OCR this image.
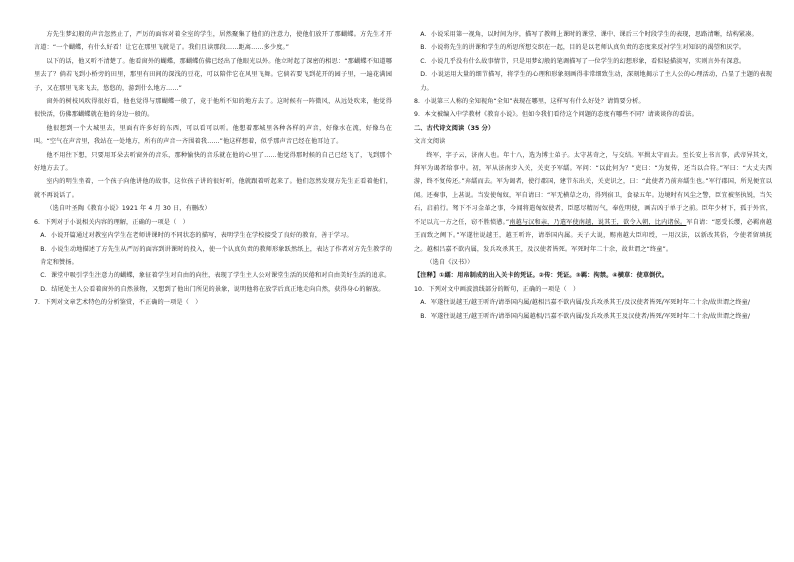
方先生梦幻般的声音忽然止了，严厉的面容对着全室的学生，居然聚集了他们的注意力，使他们放开了那蝴蝶。方先生才开言道：“一个蝴蝶，有什么好看！让它在那里飞就是了。我们且读那段……距离……多少度。”

以下的话，他又听不清楚了。他看窗外的蝴蝶，那蝴蝶仿佛已经出了他眼光以外。他立时起了深密的相思：“那蝴蝶不知道哪里去了？倘若飞到小桥旁的田里，那里有田间的深浅的豆花，可以陪伴它在风里飞舞。它倘若要飞到花开的园子里，一遍花满园子，又在那里飞来飞去，悠悠的，游到什么地方……”

窗外的树枝风吹得很好看，他也觉得与那蝴蝶一般了，竟于他所不知的地方去了。这时候有一阵微风，从远处吹来，他觉得很快活，仿佛那蝴蝶就在他的身边一般的。

他很想到一个大城里去，里面有许多好的东西，可以看可以听。他想着那城里各种各样的声音，好像水在流，好像鸟在叫。“空气在声音里，我站在一处地方，所有的声音一齐围着我……”他这样想着，似乎那声音已经在他耳边了。

他不用往下想，只要用耳朵去听窗外的音乐，那种愉快的音乐就在他的心里了……他觉得那时候的自己已经飞了，飞到那个好地方去了。

室内的明生坐着，一个孩子向他讲他的故事，这位孩子讲的很好听，他就跟着听起来了。他们忽然发现方先生正看着他们，就不再说话了。

（选自叶圣陶《教育小说》1921 年 4 月 30 日，有删改）

6．下列对于小说相关内容的理解，正确的一项是（　）

A．小说开篇通过对教室内学生在老师讲课时的不同状态的描写，表明学生在学校接受了良好的教育，善于学习。

B．小说生动地描述了方先生从严厉的面容到讲课时的投入，使一个认真负责的教师形象跃然纸上，表达了作者对方先生教学的肯定和赞扬。

C．课堂中吸引学生注意力的蝴蝶，象征着学生对自由的向往，表现了学生主人公对课堂生活的厌倦和对自由美好生活的追求。

D．结尾处主人公看着窗外的自然景物，又想到了他出门所见的景象，说明他将在放学后真正地走向自然，获得身心的解放。

7．下列对文章艺术特色的分析鉴赏，不正确的一项是（　）

A．小说采用第一视角，以时间为序，描写了教师上课时的课堂、课中、课后三个时段学生的表现，思路清晰，结构紧凑。

B．小说将先生的讲课和学生的所思所想交织在一起，目的是以老师认真负责的态度来反衬学生对知识的渴望和厌学。

C．小说几乎没有什么故事情节，只是用梦幻般的笔调描写了一位学生的幻想形象，看似轻描淡写，实则言外有深意。

D．小说运用大量的细节描写，将学生的心理和形象刻画得非常细致生动，深刻地揭示了主人公的心理活动，凸显了主题的表现力。

8．小说第三人称的全知视角“全知”表现在哪里，这样写有什么好处？请简要分析。

9．本文被编入中学教材《教育小说》。但如今我们看待这个问题的态度有哪些不同？请谈谈你的看法。

二、古代诗文阅读（35 分）

文言文阅读

终军，字子云，济南人也。年十八，选为博士弟子。太守甚奇之，与交结。军揖太守而去。至长安上书言事，武帝异其文，拜军为谒者给事中。初，军从济南步入关，关吏予军繻。军问：“以此何为？”吏曰：“为复传，还当以合符。”军曰：“大丈夫西游，终不复传还。”弃繻而去。军为谒者，使行郡国，建节东出关，关吏识之，曰：“此使者乃前弃繻生也。”军行郡国，所见便宜以闻。还奏事，上甚说。当发使匈奴，军自请曰：“军无横草之功，得列宿卫，食禄五年。边境时有风尘之警，臣宜被坚执锐，当矢石，启前行。驽下不习金革之事，今闻将遣匈奴使者，臣愿尽精厉气，奉佐明使，画吉凶于单于之前。臣年少材下，孤于外官，不足以亢一方之任，窃不胜愤懑。”南越与汉和亲，乃遣军使南越，说其王，欲令入朝，比内诸侯。军自请：“愿受长缨，必羁南越王而致之阙下。”军遂往说越王，越王听许，请举国内属。天子大说，赐南越大臣印绶，一用汉法，以新改其俗，令使者留填抚之。越相吕嘉不欲内属，发兵攻杀其王，及汉使者皆死。军死时年二十余，故世谓之“终童”。

（选自《汉书》）

【注释】①繻：用帛制成的出入关卡的凭证。②传：凭证。③羁：拘禁。④横草：使草倒伏。

10．下列对文中画波浪线部分的断句，正确的一项是（　）

A．军遂往说越王/越王听许/请举国内属/越相吕嘉不欲内属/发兵攻杀其王/及汉使者皆死/军死时年二十余/故世谓之终童/

B．军遂往说越王/越王听许/请举国内属越相/吕嘉不欲内属/发兵攻杀其王及汉使者/皆死/军死时年二十余/故世谓之终童/
